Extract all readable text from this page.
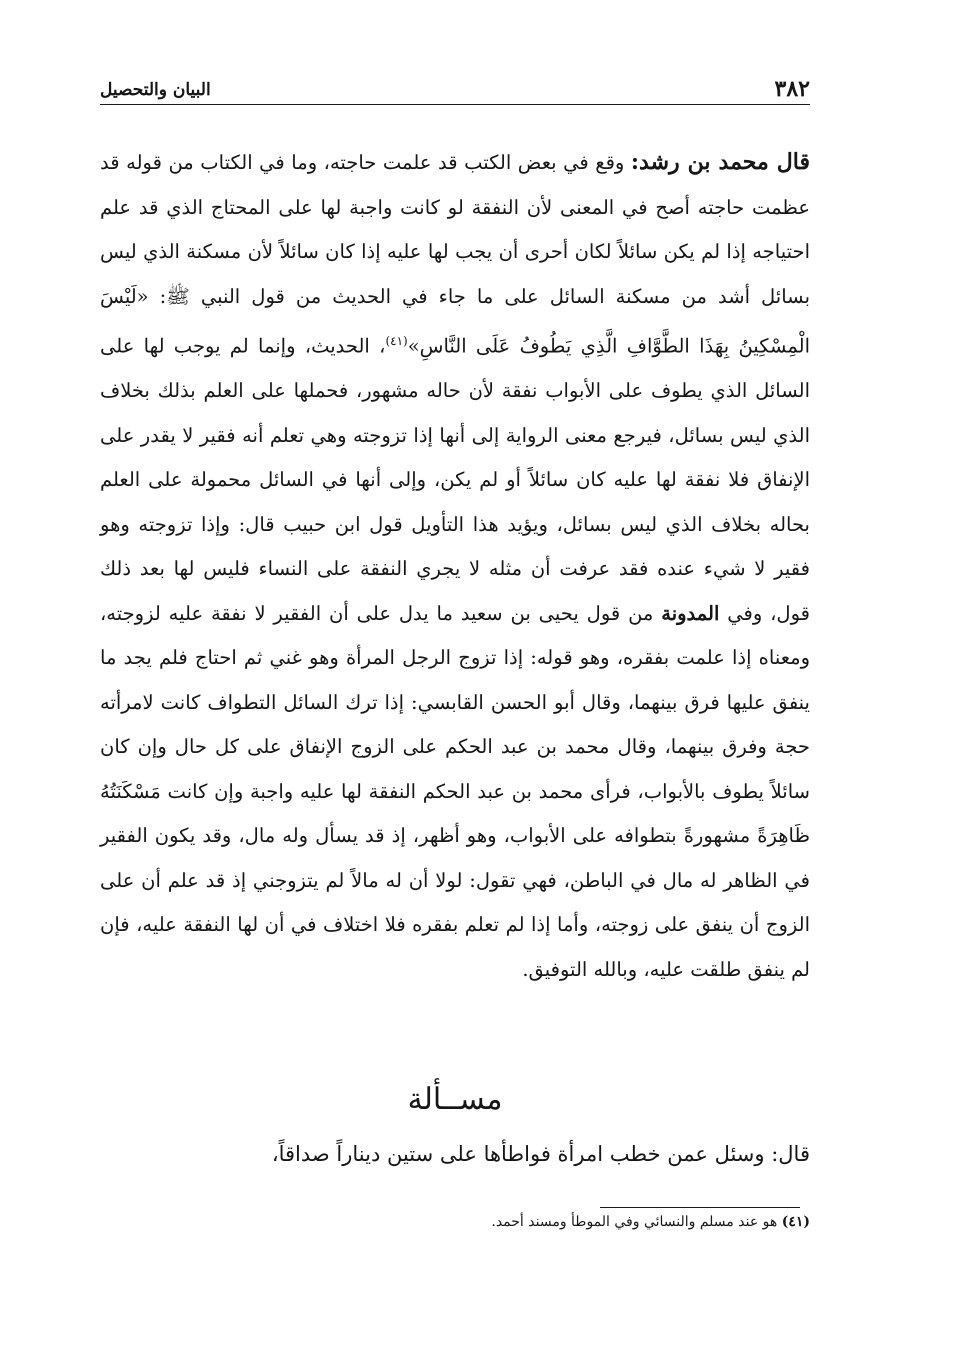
٣٨٢
البيان والتحصيل

قال محمد بن رشد: وقع في بعض الكتب قد علمت حاجته، وما في الكتاب من قوله قد عظمت حاجته أصح في المعنى لأن النفقة لو كانت واجبة لها على المحتاج الذي قد علم احتياجه إذا لم يكن سائلاً لكان أحرى أن يجب لها عليه إذا كان سائلاً لأن مسكنة الذي ليس بسائل أشد من مسكنة السائل على ما جاء في الحديث من قول النبي ﷺ: «لَيْسَ الْمِسْكِينُ بِهَذَا الطَّوَّافِ الَّذِي يَطُوفُ عَلَى النَّاسِ»$^{(٤١)}$، الحديث، وإنما لم يوجب لها على السائل الذي يطوف على الأبواب نفقة لأن حاله مشهور، فحملها على العلم بذلك بخلاف الذي ليس بسائل، فيرجع معنى الرواية إلى أنها إذا تزوجته وهي تعلم أنه فقير لا يقدر على الإنفاق فلا نفقة لها عليه كان سائلاً أو لم يكن، وإلى أنها في السائل محمولة على العلم بحاله بخلاف الذي ليس بسائل، ويؤيد هذا التأويل قول ابن حبيب قال: وإذا تزوجته وهو فقير لا شيء عنده فقد عرفت أن مثله لا يجري النفقة على النساء فليس لها بعد ذلك قول، وفي المدونة من قول يحيى بن سعيد ما يدل على أن الفقير لا نفقة عليه لزوجته، ومعناه إذا علمت بفقره، وهو قوله: إذا تزوج الرجل المرأة وهو غني ثم احتاج فلم يجد ما ينفق عليها فرق بينهما، وقال أبو الحسن القابسي: إذا ترك السائل التطواف كانت لامرأته حجة وفرق بينهما، وقال محمد بن عبد الحكم على الزوج الإنفاق على كل حال وإن كان سائلاً يطوف بالأبواب، فرأى محمد بن عبد الحكم النفقة لها عليه واجبة وإن كانت مَسْكَنَتُهُ ظَاهِرَةً مشهورةً بتطوافه على الأبواب، وهو أظهر، إذ قد يسأل وله مال، وقد يكون الفقير في الظاهر له مال في الباطن، فهي تقول: لولا أن له مالاً لم يتزوجني إذ قد علم أن على الزوج أن ينفق على زوجته، وأما إذا لم تعلم بفقره فلا اختلاف في أن لها النفقة عليه، فإن لم ينفق طلقت عليه، وبالله التوفيق.

مســألة
قال: وسئل عمن خطب امرأة فواطأها على ستين ديناراً صداقاً،
(٤١) هو عند مسلم والنسائي وفي الموطأ ومسند أحمد.
